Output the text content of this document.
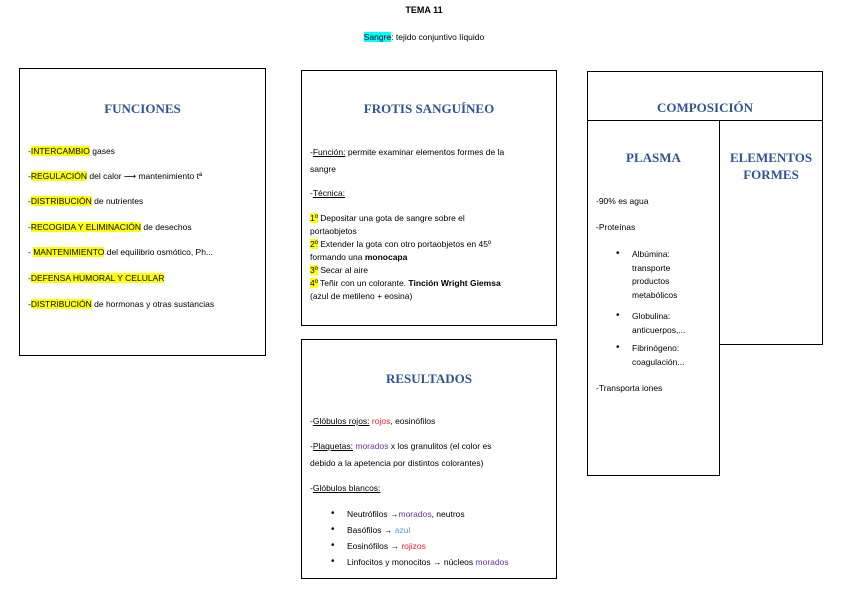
TEMA 11
Sangre: tejido conjuntivo líquido
FUNCIONES
-INTERCAMBIO gases
-REGULACIÓN del calor ⟶ mantenimiento tª
-DISTRIBUCIÓN de nutrientes
-RECOGIDA Y ELIMINACIÓN de desechos
- MANTENIMIENTO del equilibrio osmótico, Ph...
-DEFENSA HUMORAL Y CELULAR
-DISTRIBUCIÓN de hormonas y otras sustancias
FROTIS SANGUÍNEO
-Función: permite examinar elementos formes de la
sangre
-Técnica:
1º Depositar una gota de sangre sobre el
portaobjetos
2º Extender la gota con otro portaobjetos en 45º
formando una monocapa
3º Secar al aire
4º Teñir con un colorante. Tinción Wright Giemsa
(azul de metileno + eosina)
RESULTADOS
-Glóbulos rojos: rojos, eosinófilos
-Plaquetas: morados x los granulitos (el color es
debido a la apetencia por distintos colorantes)
-Glóbulos blancos:
• Neutrófilos →morados, neutros
• Basófilos → azul
• Eosinófilos → rojizos
• Linfocitos y monocitos → núcleos morados
COMPOSICIÓN
PLASMA
-90% es agua
-Proteínas
• Albúmina:
transporte
productos
metabólicos
• Globulina:
anticuerpos,...
• Fibrinógeno:
coagulación...
-Transporta iones
ELEMENTOS
FORMES
